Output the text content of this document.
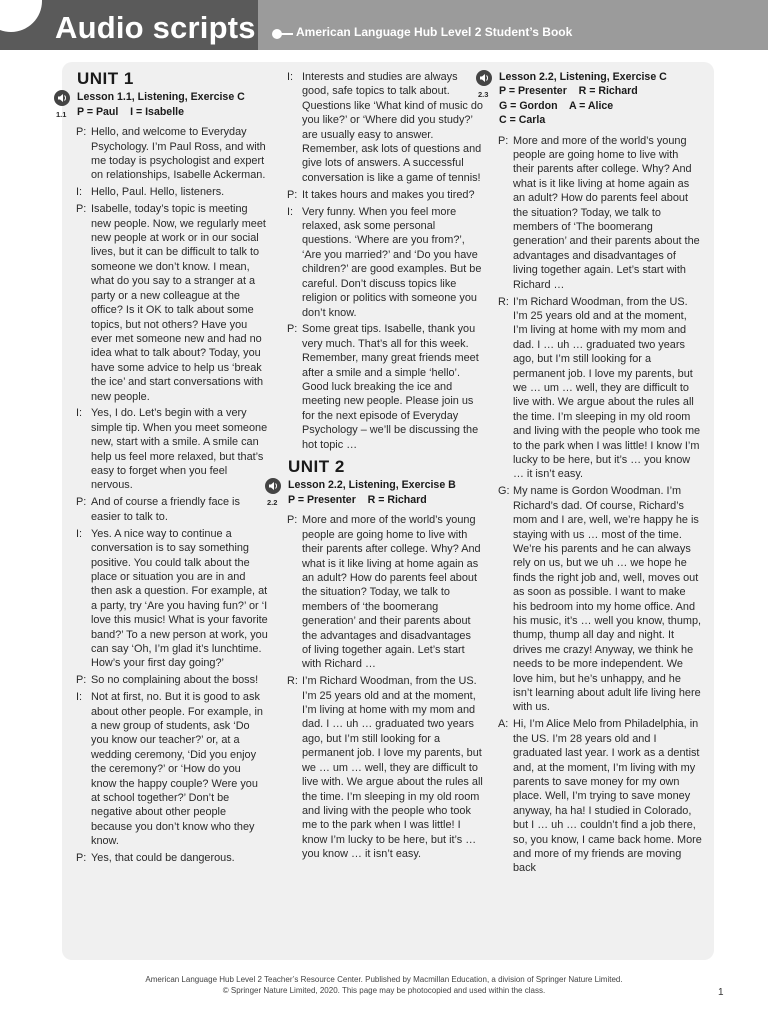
Audio scripts	American Language Hub Level 2 Student’s Book
UNIT 1
1.1
Lesson 1.1, Listening, Exercise C
P = Paul    I = Isabelle
P: Hello, and welcome to Everyday Psychology. I’m Paul Ross, and with me today is psychologist and expert on relationships, Isabelle Ackerman.
I: Hello, Paul. Hello, listeners.
P: Isabelle, today’s topic is meeting new people. Now, we regularly meet new people at work or in our social lives, but it can be difficult to talk to someone we don’t know. I mean, what do you say to a stranger at a party or a new colleague at the office? Is it OK to talk about some topics, but not others? Have you ever met someone new and had no idea what to talk about? Today, you have some advice to help us ‘break the ice’ and start conversations with new people.
I: Yes, I do. Let’s begin with a very simple tip. When you meet someone new, start with a smile. A smile can help us feel more relaxed, but that’s easy to forget when you feel nervous.
P: And of course a friendly face is easier to talk to.
I: Yes. A nice way to continue a conversation is to say something positive. You could talk about the place or situation you are in and then ask a question. For example, at a party, try ‘Are you having fun?’ or ‘I love this music! What is your favorite band?’ To a new person at work, you can say ‘Oh, I’m glad it’s lunchtime. How’s your first day going?’
P: So no complaining about the boss!
I: Not at first, no. But it is good to ask about other people. For example, in a new group of students, ask ‘Do you know our teacher?’ or, at a wedding ceremony, ‘Did you enjoy the ceremony?’ or ‘How do you know the happy couple? Were you at school together?’ Don’t be negative about other people because you don’t know who they know.
P: Yes, that could be dangerous.
I: Interests and studies are always good, safe topics to talk about. Questions like ‘What kind of music do you like?’ or ‘Where did you study?’ are usually easy to answer. Remember, ask lots of questions and give lots of answers. A successful conversation is like a game of tennis!
P: It takes hours and makes you tired?
I: Very funny. When you feel more relaxed, ask some personal questions. ‘Where are you from?’, ‘Are you married?’ and ‘Do you have children?’ are good examples. But be careful. Don’t discuss topics like religion or politics with someone you don’t know.
P: Some great tips. Isabelle, thank you very much. That’s all for this week. Remember, many great friends meet after a smile and a simple ‘hello’. Good luck breaking the ice and meeting new people. Please join us for the next episode of Everyday Psychology – we’ll be discussing the hot topic …
UNIT 2
2.2
Lesson 2.2, Listening, Exercise B
P = Presenter    R = Richard
P: More and more of the world’s young people are going home to live with their parents after college. Why? And what is it like living at home again as an adult? How do parents feel about the situation? Today, we talk to members of ‘the boomerang generation’ and their parents about the advantages and disadvantages of living together again. Let’s start with Richard …
R: I’m Richard Woodman, from the US. I’m 25 years old and at the moment, I’m living at home with my mom and dad. I … uh … graduated two years ago, but I’m still looking for a permanent job. I love my parents, but we … um … well, they are difficult to live with. We argue about the rules all the time. I’m sleeping in my old room and living with the people who took me to the park when I was little! I know I’m lucky to be here, but it’s … you know … it isn’t easy.
2.3
Lesson 2.2, Listening, Exercise C
P = Presenter    R = Richard
G = Gordon    A = Alice
C = Carla
P: More and more of the world’s young people are going home to live with their parents after college. Why? And what is it like living at home again as an adult? How do parents feel about the situation? Today, we talk to members of ‘The boomerang generation’ and their parents about the advantages and disadvantages of living together again. Let’s start with Richard …
R: I’m Richard Woodman, from the US. I’m 25 years old and at the moment, I’m living at home with my mom and dad. I … uh … graduated two years ago, but I’m still looking for a permanent job. I love my parents, but we … um … well, they are difficult to live with. We argue about the rules all the time. I’m sleeping in my old room and living with the people who took me to the park when I was little! I know I’m lucky to be here, but it’s … you know … it isn’t easy.
G: My name is Gordon Woodman. I’m Richard’s dad. Of course, Richard’s mom and I are, well, we’re happy he is staying with us … most of the time. We’re his parents and he can always rely on us, but we uh … we hope he finds the right job and, well, moves out as soon as possible. I want to make his bedroom into my home office. And his music, it’s … well you know, thump, thump, thump all day and night. It drives me crazy! Anyway, we think he needs to be more independent. We love him, but he’s unhappy, and he isn’t learning about adult life living here with us.
A: Hi, I’m Alice Melo from Philadelphia, in the US. I’m 28 years old and I graduated last year. I work as a dentist and, at the moment, I’m living with my parents to save money for my own place. Well, I’m trying to save money anyway, ha ha! I studied in Colorado, but I … uh … couldn’t find a job there, so, you know, I came back home. More and more of my friends are moving back
American Language Hub Level 2 Teacher’s Resource Center. Published by Macmillan Education, a division of Springer Nature Limited.
© Springer Nature Limited, 2020. This page may be photocopied and used within the class.	1
